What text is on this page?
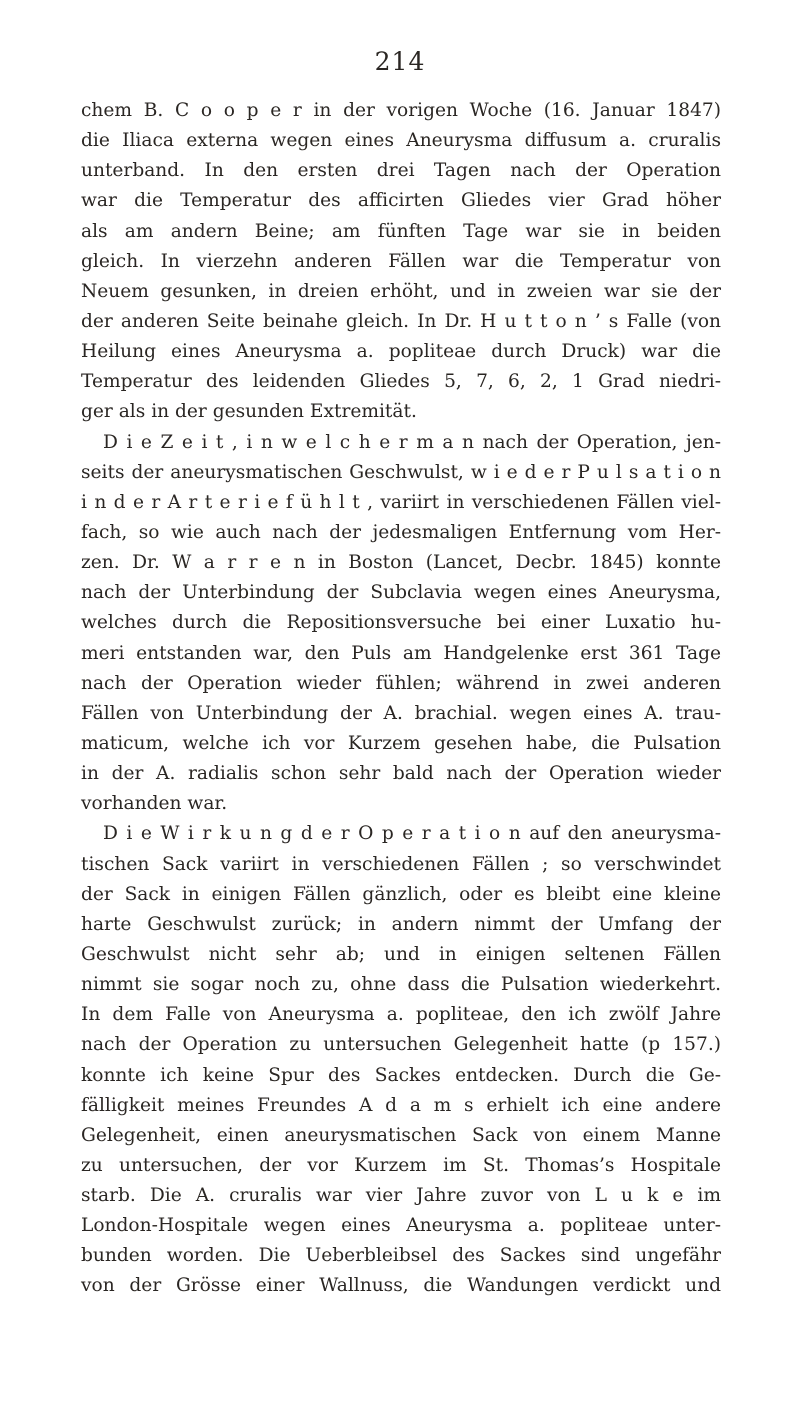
214
chem B. C o o p e r in der vorigen Woche (16. Januar 1847)
die Iliaca externa wegen eines Aneurysma diffusum a. cruralis
unterband. In den ersten drei Tagen nach der Operation
war die Temperatur des afficirten Gliedes vier Grad höher
als am andern Beine; am fünften Tage war sie in beiden
gleich. In vierzehn anderen Fällen war die Temperatur von
Neuem gesunken, in dreien erhöht, und in zweien war sie der
der anderen Seite beinahe gleich. In Dr. H u t t o n ’ s Falle (von
Heilung eines Aneurysma a. popliteae durch Druck) war die
Temperatur des leidenden Gliedes 5, 7, 6, 2, 1 Grad niedri-
ger als in der gesunden Extremität.
D i e Z e i t , i n w e l c h e r m a n nach der Operation, jen-
seits der aneurysmatischen Geschwulst, w i e d e r P u l s a t i o n
i n d e r A r t e r i e f ü h l t , variirt in verschiedenen Fällen viel-
fach, so wie auch nach der jedesmaligen Entfernung vom Her-
zen. Dr. W a r r e n in Boston (Lancet, Decbr. 1845) konnte
nach der Unterbindung der Subclavia wegen eines Aneurysma,
welches durch die Repositionsversuche bei einer Luxatio hu-
meri entstanden war, den Puls am Handgelenke erst 361 Tage
nach der Operation wieder fühlen; während in zwei anderen
Fällen von Unterbindung der A. brachial. wegen eines A. trau-
maticum, welche ich vor Kurzem gesehen habe, die Pulsation
in der A. radialis schon sehr bald nach der Operation wieder
vorhanden war.
D i e W i r k u n g d e r O p e r a t i o n auf den aneurysma-
tischen Sack variirt in verschiedenen Fällen ; so verschwindet
der Sack in einigen Fällen gänzlich, oder es bleibt eine kleine
harte Geschwulst zurück; in andern nimmt der Umfang der
Geschwulst nicht sehr ab; und in einigen seltenen Fällen
nimmt sie sogar noch zu, ohne dass die Pulsation wiederkehrt.
In dem Falle von Aneurysma a. popliteae, den ich zwölf Jahre
nach der Operation zu untersuchen Gelegenheit hatte (p 157.)
konnte ich keine Spur des Sackes entdecken. Durch die Ge-
fälligkeit meines Freundes A d a m s erhielt ich eine andere
Gelegenheit, einen aneurysmatischen Sack von einem Manne
zu untersuchen, der vor Kurzem im St. Thomas’s Hospitale
starb. Die A. cruralis war vier Jahre zuvor von L u k e im
London-Hospitale wegen eines Aneurysma a. popliteae unter-
bunden worden. Die Ueberbleibsel des Sackes sind ungefähr
von der Grösse einer Wallnuss, die Wandungen verdickt und
